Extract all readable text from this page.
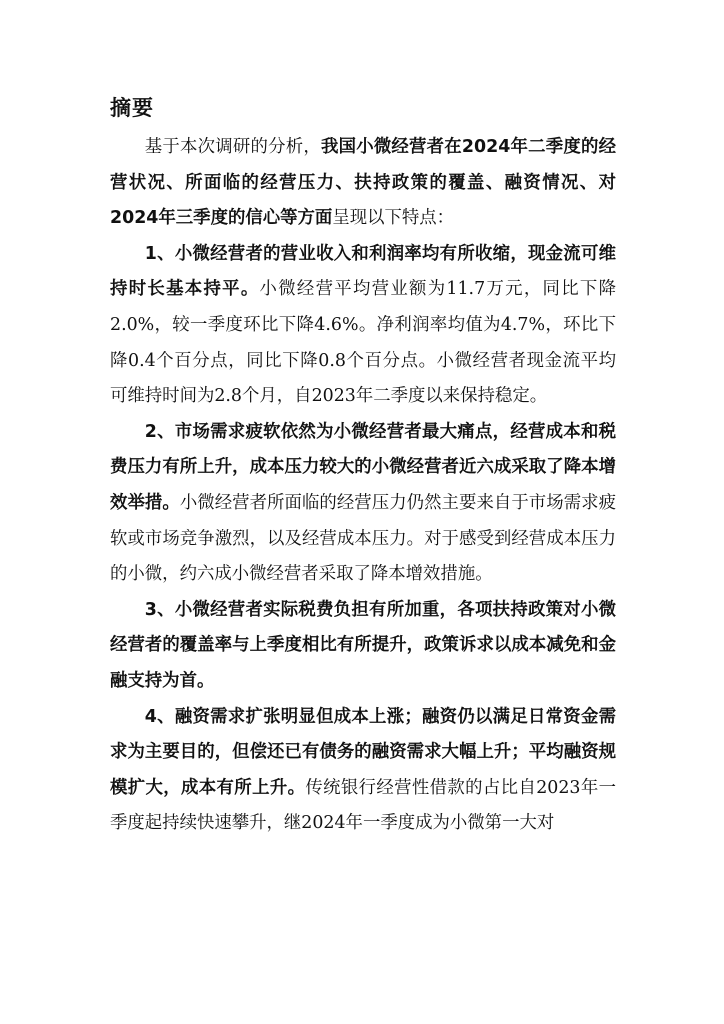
摘要

基于本次调研的分析，我国小微经营者在2024年二季度的经营状况、所面临的经营压力、扶持政策的覆盖、融资情况、对2024年三季度的信心等方面呈现以下特点：

1、小微经营者的营业收入和利润率均有所收缩，现金流可维持时长基本持平。小微经营平均营业额为11.7万元，同比下降2.0%，较一季度环比下降4.6%。净利润率均值为4.7%，环比下降0.4个百分点，同比下降0.8个百分点。小微经营者现金流平均可维持时间为2.8个月，自2023年二季度以来保持稳定。

2、市场需求疲软依然为小微经营者最大痛点，经营成本和税费压力有所上升，成本压力较大的小微经营者近六成采取了降本增效举措。小微经营者所面临的经营压力仍然主要来自于市场需求疲软或市场竞争激烈，以及经营成本压力。对于感受到经营成本压力的小微，约六成小微经营者采取了降本增效措施。

3、小微经营者实际税费负担有所加重，各项扶持政策对小微经营者的覆盖率与上季度相比有所提升，政策诉求以成本减免和金融支持为首。

4、融资需求扩张明显但成本上涨；融资仍以满足日常资金需求为主要目的，但偿还已有债务的融资需求大幅上升；平均融资规模扩大，成本有所上升。传统银行经营性借款的占比自2023年一季度起持续快速攀升，继2024年一季度成为小微第一大对
